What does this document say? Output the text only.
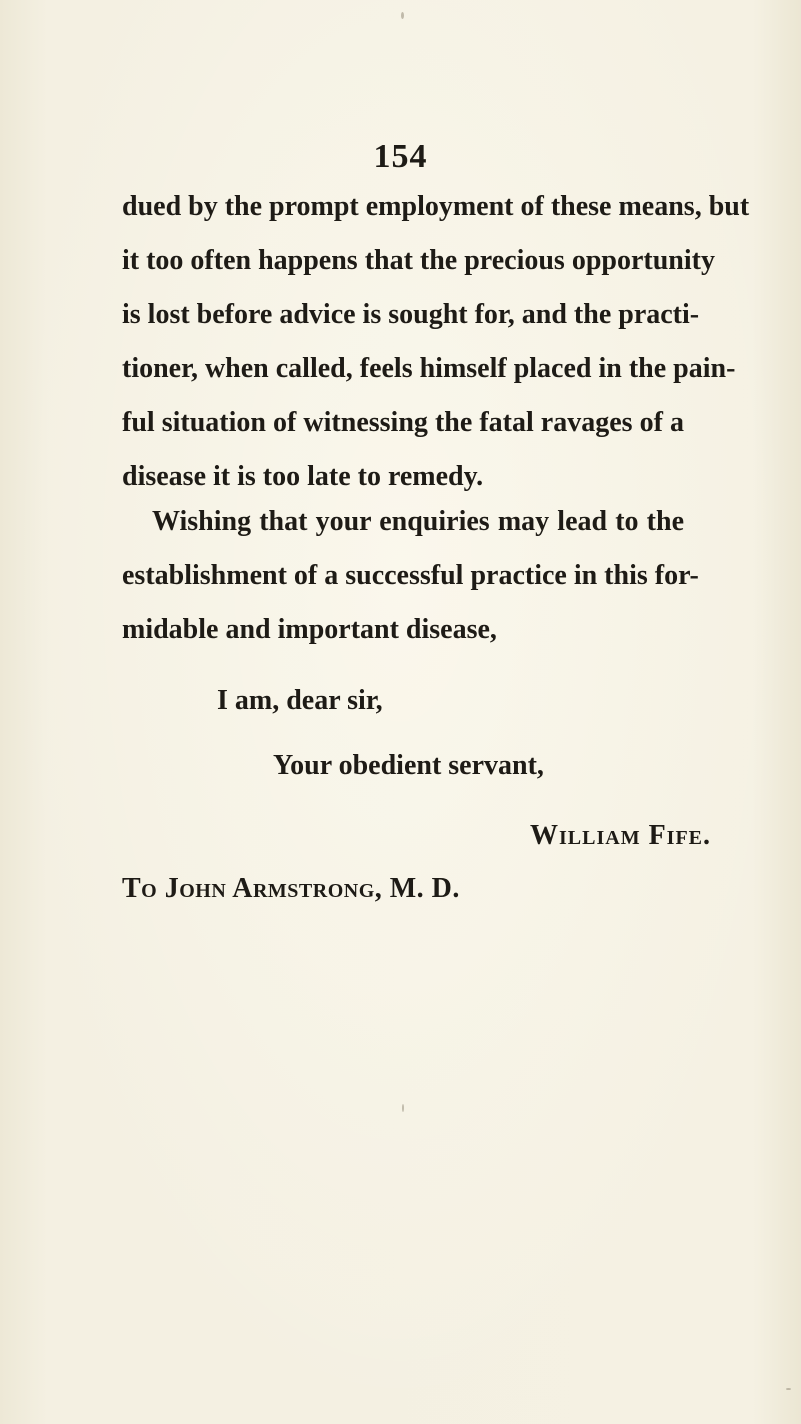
154
dued by the prompt employment of these means, but
it too often happens that the precious opportunity
is lost before advice is sought for, and the practi-
tioner, when called, feels himself placed in the pain-
ful situation of witnessing the fatal ravages of a
disease it is too late to remedy.
Wishing that your enquiries may lead to the
establishment of a successful practice in this for-
midable and important disease,
I am, dear sir,
Your obedient servant,
William Fife.
To John Armstrong, M. D.
